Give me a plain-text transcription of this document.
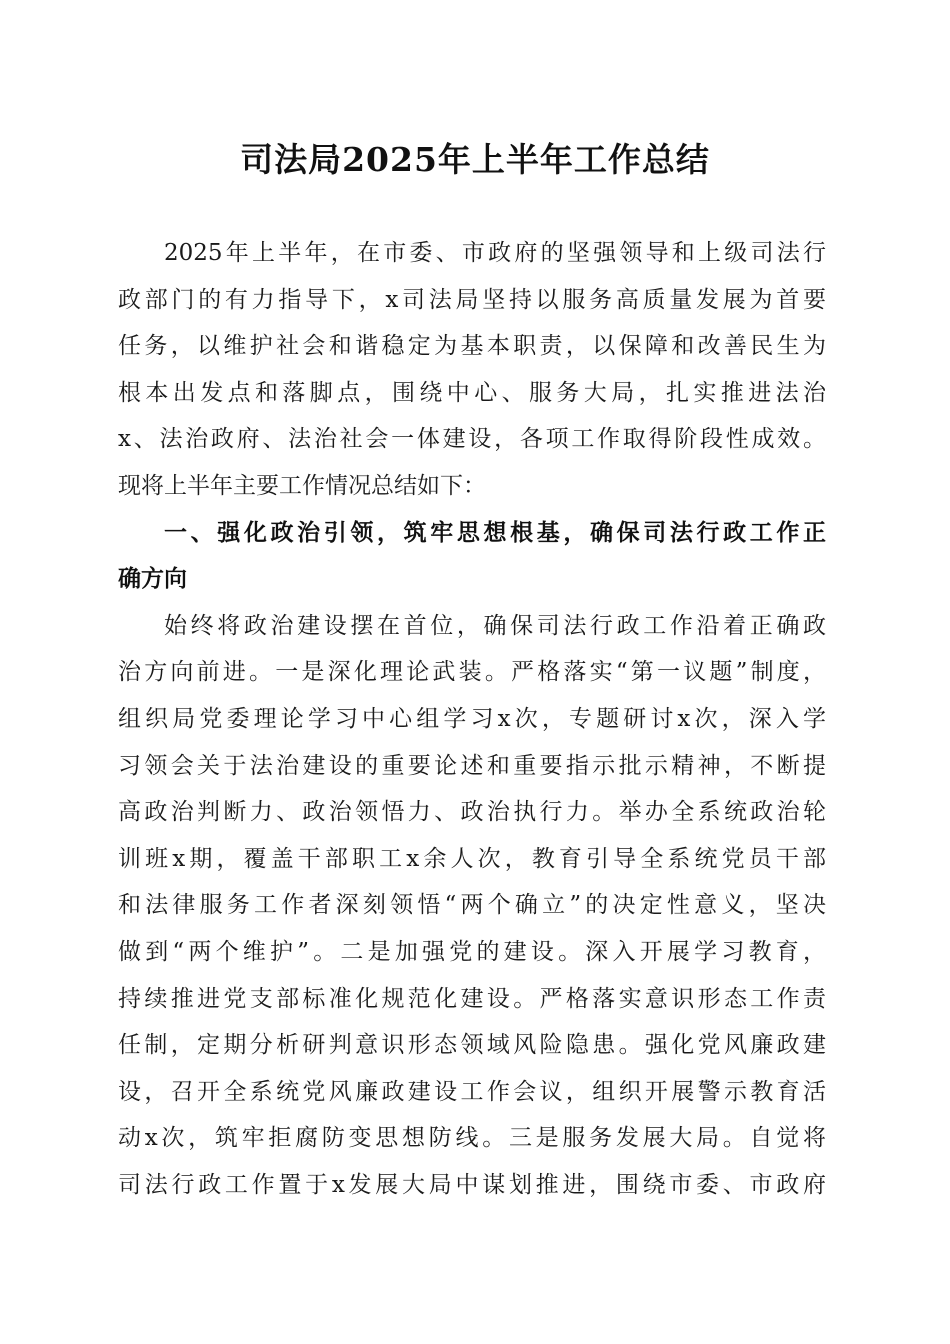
司法局2025年上半年工作总结
2025年上半年，在市委、市政府的坚强领导和上级司法行
政部门的有力指导下，x司法局坚持以服务高质量发展为首要
任务，以维护社会和谐稳定为基本职责，以保障和改善民生为
根本出发点和落脚点，围绕中心、服务大局，扎实推进法治
x、法治政府、法治社会一体建设，各项工作取得阶段性成效。
现将上半年主要工作情况总结如下：
一、强化政治引领，筑牢思想根基，确保司法行政工作正
确方向
始终将政治建设摆在首位，确保司法行政工作沿着正确政
治方向前进。一是深化理论武装。严格落实“第一议题”制度，
组织局党委理论学习中心组学习x次，专题研讨x次，深入学
习领会关于法治建设的重要论述和重要指示批示精神，不断提
高政治判断力、政治领悟力、政治执行力。举办全系统政治轮
训班x期，覆盖干部职工x余人次，教育引导全系统党员干部
和法律服务工作者深刻领悟“两个确立”的决定性意义，坚决
做到“两个维护”。二是加强党的建设。深入开展学习教育，
持续推进党支部标准化规范化建设。严格落实意识形态工作责
任制，定期分析研判意识形态领域风险隐患。强化党风廉政建
设，召开全系统党风廉政建设工作会议，组织开展警示教育活
动x次，筑牢拒腐防变思想防线。三是服务发展大局。自觉将
司法行政工作置于x发展大局中谋划推进，围绕市委、市政府
